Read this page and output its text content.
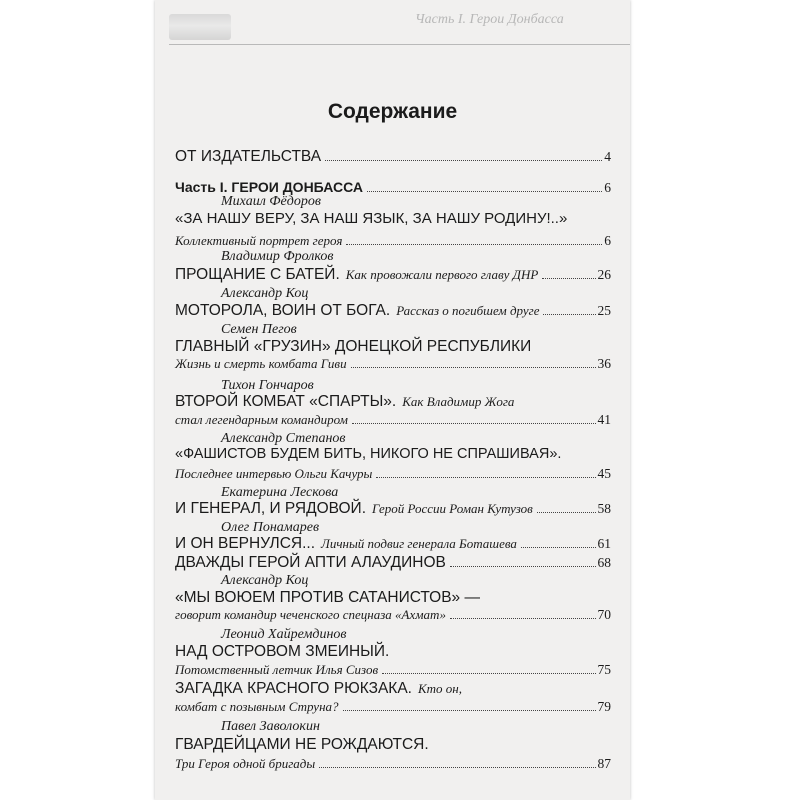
Часть I. Герои Донбасса
Содержание
ОТ ИЗДАТЕЛЬСТВА	4
Часть I. ГЕРОИ ДОНБАССА	6
Михаил Фёдоров
«ЗА НАШУ ВЕРУ, ЗА НАШ ЯЗЫК, ЗА НАШУ РОДИНУ!..»
Коллективный портрет героя	6
Владимир Фролков
ПРОЩАНИЕ С БАТЕЙ. Как провожали первого главу ДНР	26
Александр Коц
МОТОРОЛА, ВОИН ОТ БОГА. Рассказ о погибшем друге	25
Семен Пегов
ГЛАВНЫЙ «ГРУЗИН» ДОНЕЦКОЙ РЕСПУБЛИКИ
Жизнь и смерть комбата Гиви	36
Тихон Гончаров
ВТОРОЙ КОМБАТ «СПАРТЫ». Как Владимир Жога
стал легендарным командиром	41
Александр Степанов
«ФАШИСТОВ БУДЕМ БИТЬ, НИКОГО НЕ СПРАШИВАЯ».
Последнее интервью Ольги Качуры	45
Екатерина Лескова
И ГЕНЕРАЛ, И РЯДОВОЙ. Герой России Роман Кутузов	58
Олег Понамарев
И ОН ВЕРНУЛСЯ... Личный подвиг генерала Боташева	61
ДВАЖДЫ ГЕРОЙ АПТИ АЛАУДИНОВ	68
Александр Коц
«МЫ ВОЮЕМ ПРОТИВ САТАНИСТОВ» —
говорит командир чеченского спецназа «Ахмат»	70
Леонид Хайремдинов
НАД ОСТРОВОМ ЗМЕИНЫЙ.
Потомственный летчик Илья Сизов	75
ЗАГАДКА КРАСНОГО РЮКЗАКА. Кто он,
комбат с позывным Струна?	79
Павел Заволокин
ГВАРДЕЙЦАМИ НЕ РОЖДАЮТСЯ.
Три Героя одной бригады	87
